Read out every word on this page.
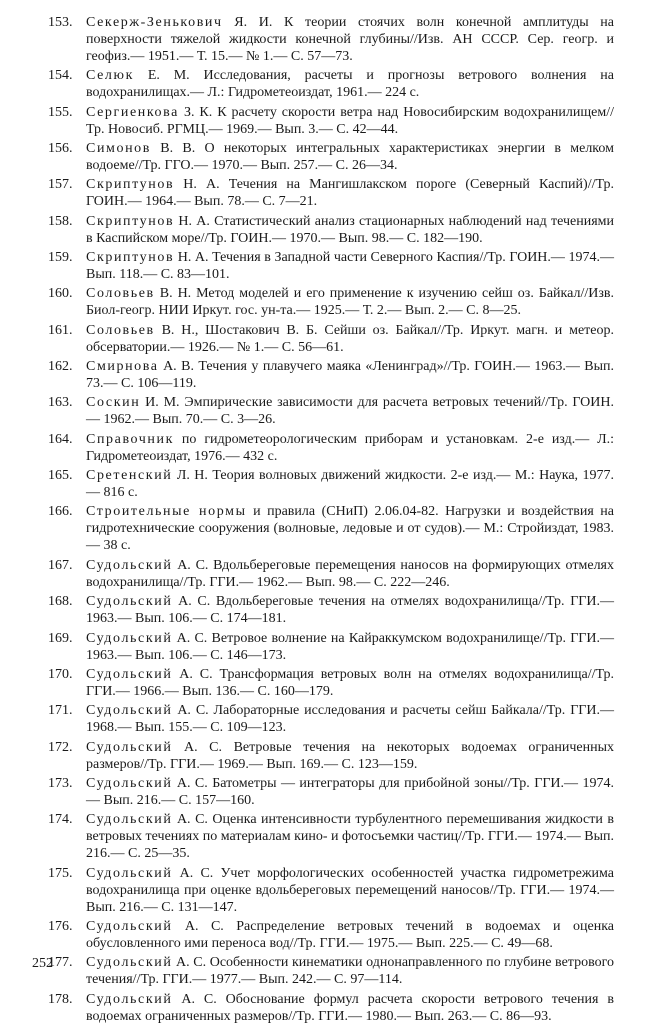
153. Секерж-Зенькович Я. И. К теории стоячих волн конечной амплитуды на поверхности тяжелой жидкости конечной глубины//Изв. АН СССР. Сер. геогр. и геофиз.— 1951.— Т. 15.— № 1.— С. 57—73.
154. Селюк Е. М. Исследования, расчеты и прогнозы ветрового волнения на водохранилищах.— Л.: Гидрометеоиздат, 1961.— 224 с.
155. Сергиенкова З. К. К расчету скорости ветра над Новосибирским водохранилищем//Тр. Новосиб. РГМЦ.— 1969.— Вып. 3.— С. 42—44.
156. Симонов В. В. О некоторых интегральных характеристиках энергии в мелком водоеме//Тр. ГГО.— 1970.— Вып. 257.— С. 26—34.
157. Скриптунов Н. А. Течения на Мангишлакском пороге (Северный Каспий)//Тр. ГОИН.— 1964.— Вып. 78.— С. 7—21.
158. Скриптунов Н. А. Статистический анализ стационарных наблюдений над течениями в Каспийском море//Тр. ГОИН.— 1970.— Вып. 98.— С. 182—190.
159. Скриптунов Н. А. Течения в Западной части Северного Каспия//Тр. ГОИН.— 1974.— Вып. 118.— С. 83—101.
160. Соловьев В. Н. Метод моделей и его применение к изучению сейш оз. Байкал//Изв. Биол-геогр. НИИ Иркут. гос. ун-та.— 1925.— Т. 2.— Вып. 2.— С. 8—25.
161. Соловьев В. Н., Шостакович В. Б. Сейши оз. Байкал//Тр. Иркут. магн. и метеор. обсерватории.— 1926.— № 1.— С. 56—61.
162. Смирнова А. В. Течения у плавучего маяка «Ленинград»//Тр. ГОИН.— 1963.— Вып. 73.— С. 106—119.
163. Соскин И. М. Эмпирические зависимости для расчета ветровых течений//Тр. ГОИН.— 1962.— Вып. 70.— С. 3—26.
164. Справочник по гидрометеорологическим приборам и установкам. 2-е изд.— Л.: Гидрометеоиздат, 1976.— 432 с.
165. Сретенский Л. Н. Теория волновых движений жидкости. 2-е изд.— М.: Наука, 1977.— 816 с.
166. Строительные нормы и правила (СНиП) 2.06.04-82. Нагрузки и воздействия на гидротехнические сооружения (волновые, ледовые и от судов).— М.: Стройиздат, 1983.— 38 с.
167. Судольский А. С. Вдольбереговые перемещения наносов на формирующих отмелях водохранилища//Тр. ГГИ.— 1962.— Вып. 98.— С. 222—246.
168. Судольский А. С. Вдольбереговые течения на отмелях водохранилища//Тр. ГГИ.— 1963.— Вып. 106.— С. 174—181.
169. Судольский А. С. Ветровое волнение на Кайраккумском водохранилище//Тр. ГГИ.— 1963.— Вып. 106.— С. 146—173.
170. Судольский А. С. Трансформация ветровых волн на отмелях водохранилища//Тр. ГГИ.— 1966.— Вып. 136.— С. 160—179.
171. Судольский А. С. Лабораторные исследования и расчеты сейш Байкала//Тр. ГГИ.— 1968.— Вып. 155.— С. 109—123.
172. Судольский А. С. Ветровые течения на некоторых водоемах ограниченных размеров//Тр. ГГИ.— 1969.— Вып. 169.— С. 123—159.
173. Судольский А. С. Батометры — интеграторы для прибойной зоны//Тр. ГГИ.— 1974.— Вып. 216.— С. 157—160.
174. Судольский А. С. Оценка интенсивности турбулентного перемешивания жидкости в ветровых течениях по материалам кино- и фотосъемки частиц//Тр. ГГИ.— 1974.— Вып. 216.— С. 25—35.
175. Судольский А. С. Учет морфологических особенностей участка гидрометрежима водохранилища при оценке вдольбереговых перемещений наносов//Тр. ГГИ.— 1974.— Вып. 216.— С. 131—147.
176. Судольский А. С. Распределение ветровых течений в водоемах и оценка обусловленного ими переноса вод//Тр. ГГИ.— 1975.— Вып. 225.— С. 49—68.
177. Судольский А. С. Особенности кинематики однонаправленного по глубине ветрового течения//Тр. ГГИ.— 1977.— Вып. 242.— С. 97—114.
178. Судольский А. С. Обоснование формул расчета скорости ветрового течения в водоемах ограниченных размеров//Тр. ГГИ.— 1980.— Вып. 263.— С. 86—93.
252
